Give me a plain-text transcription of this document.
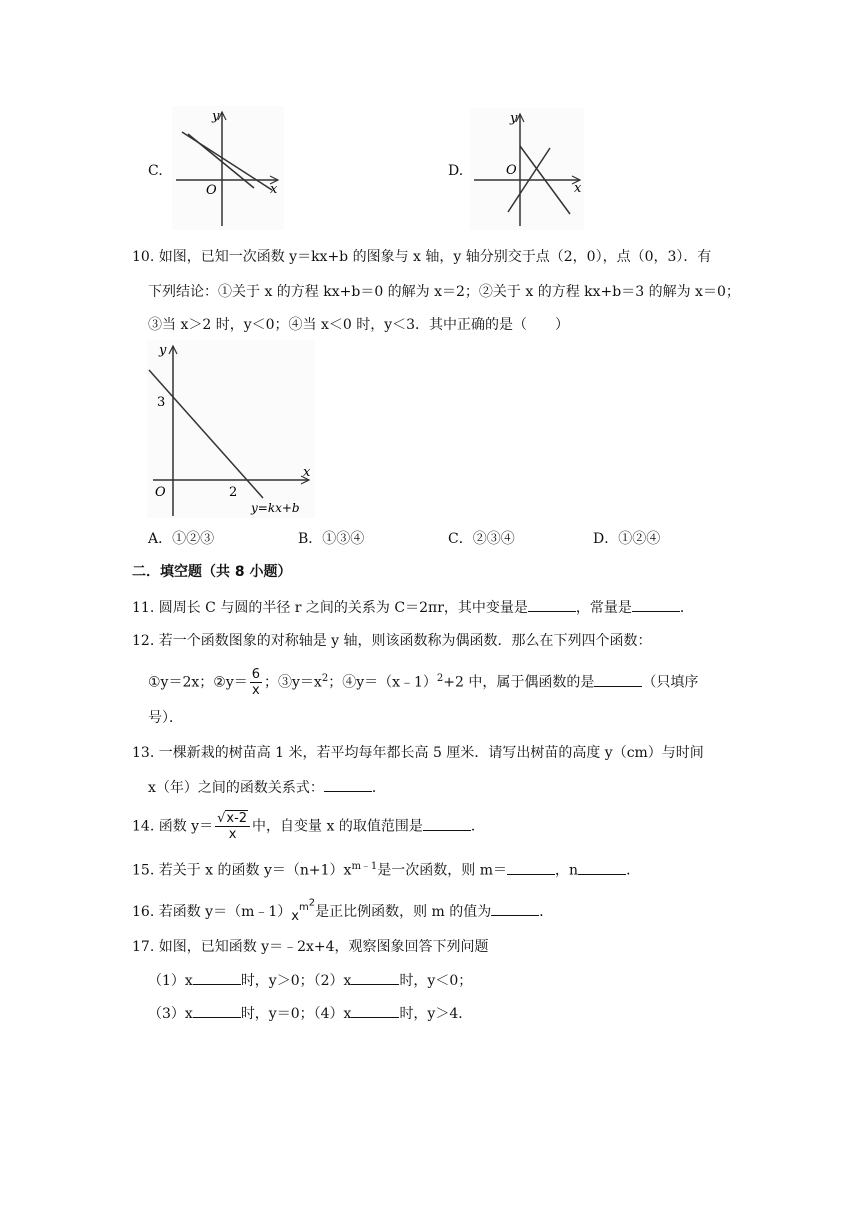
C.
y
x
O
D.
y
x
O
10. 如图，已知一次函数 y＝kx+b 的图象与 x 轴，y 轴分别交于点（2，0），点（0，3）．有
下列结论：①关于 x 的方程 kx+b＝0 的解为 x＝2；②关于 x 的方程 kx+b＝3 的解为 x＝0；
③当 x＞2 时，y＜0；④当 x＜0 时，y＜3．其中正确的是（　　）
y
x
O
3
2
y=kx+b
A．①②③	B．①③④	C．②③④	D．①②④
二．填空题（共 8 小题）
11. 圆周长 C 与圆的半径 r 之间的关系为 C＝2πr，其中变量是	，常量是	．
12. 若一个函数图象的对称轴是 y 轴，则该函数称为偶函数．那么在下列四个函数：
①y＝2x；②y＝ $\frac{6}{x}$ ；$③y=x^2$；④y＝（x﹣1）$^2$+2 中，属于偶函数的是	（只填序
号）．
13. 一棵新栽的树苗高 1 米，若平均每年都长高 5 厘米．请写出树苗的高度 y（cm）与时间
x（年）之间的函数关系式：	．
14. 函数 $y= \frac{√x-2}{x}$ 中，自变量 x 的取值范围是	．
15. 若关于 x 的函数 $y=(n+1)x^{m﹣1}$是一次函数，则 m＝	，n	．
16. 若函数 $y=(m﹣1)x^{m^2}$是正比例函数，则 m 的值为	．
17. 如图，已知函数 y＝﹣2x+4，观察图象回答下列问题
（1）x	时，y＞0；（2）x	时，y＜0；
（3）x	时，y＝0；（4）x	时，y＞4．
